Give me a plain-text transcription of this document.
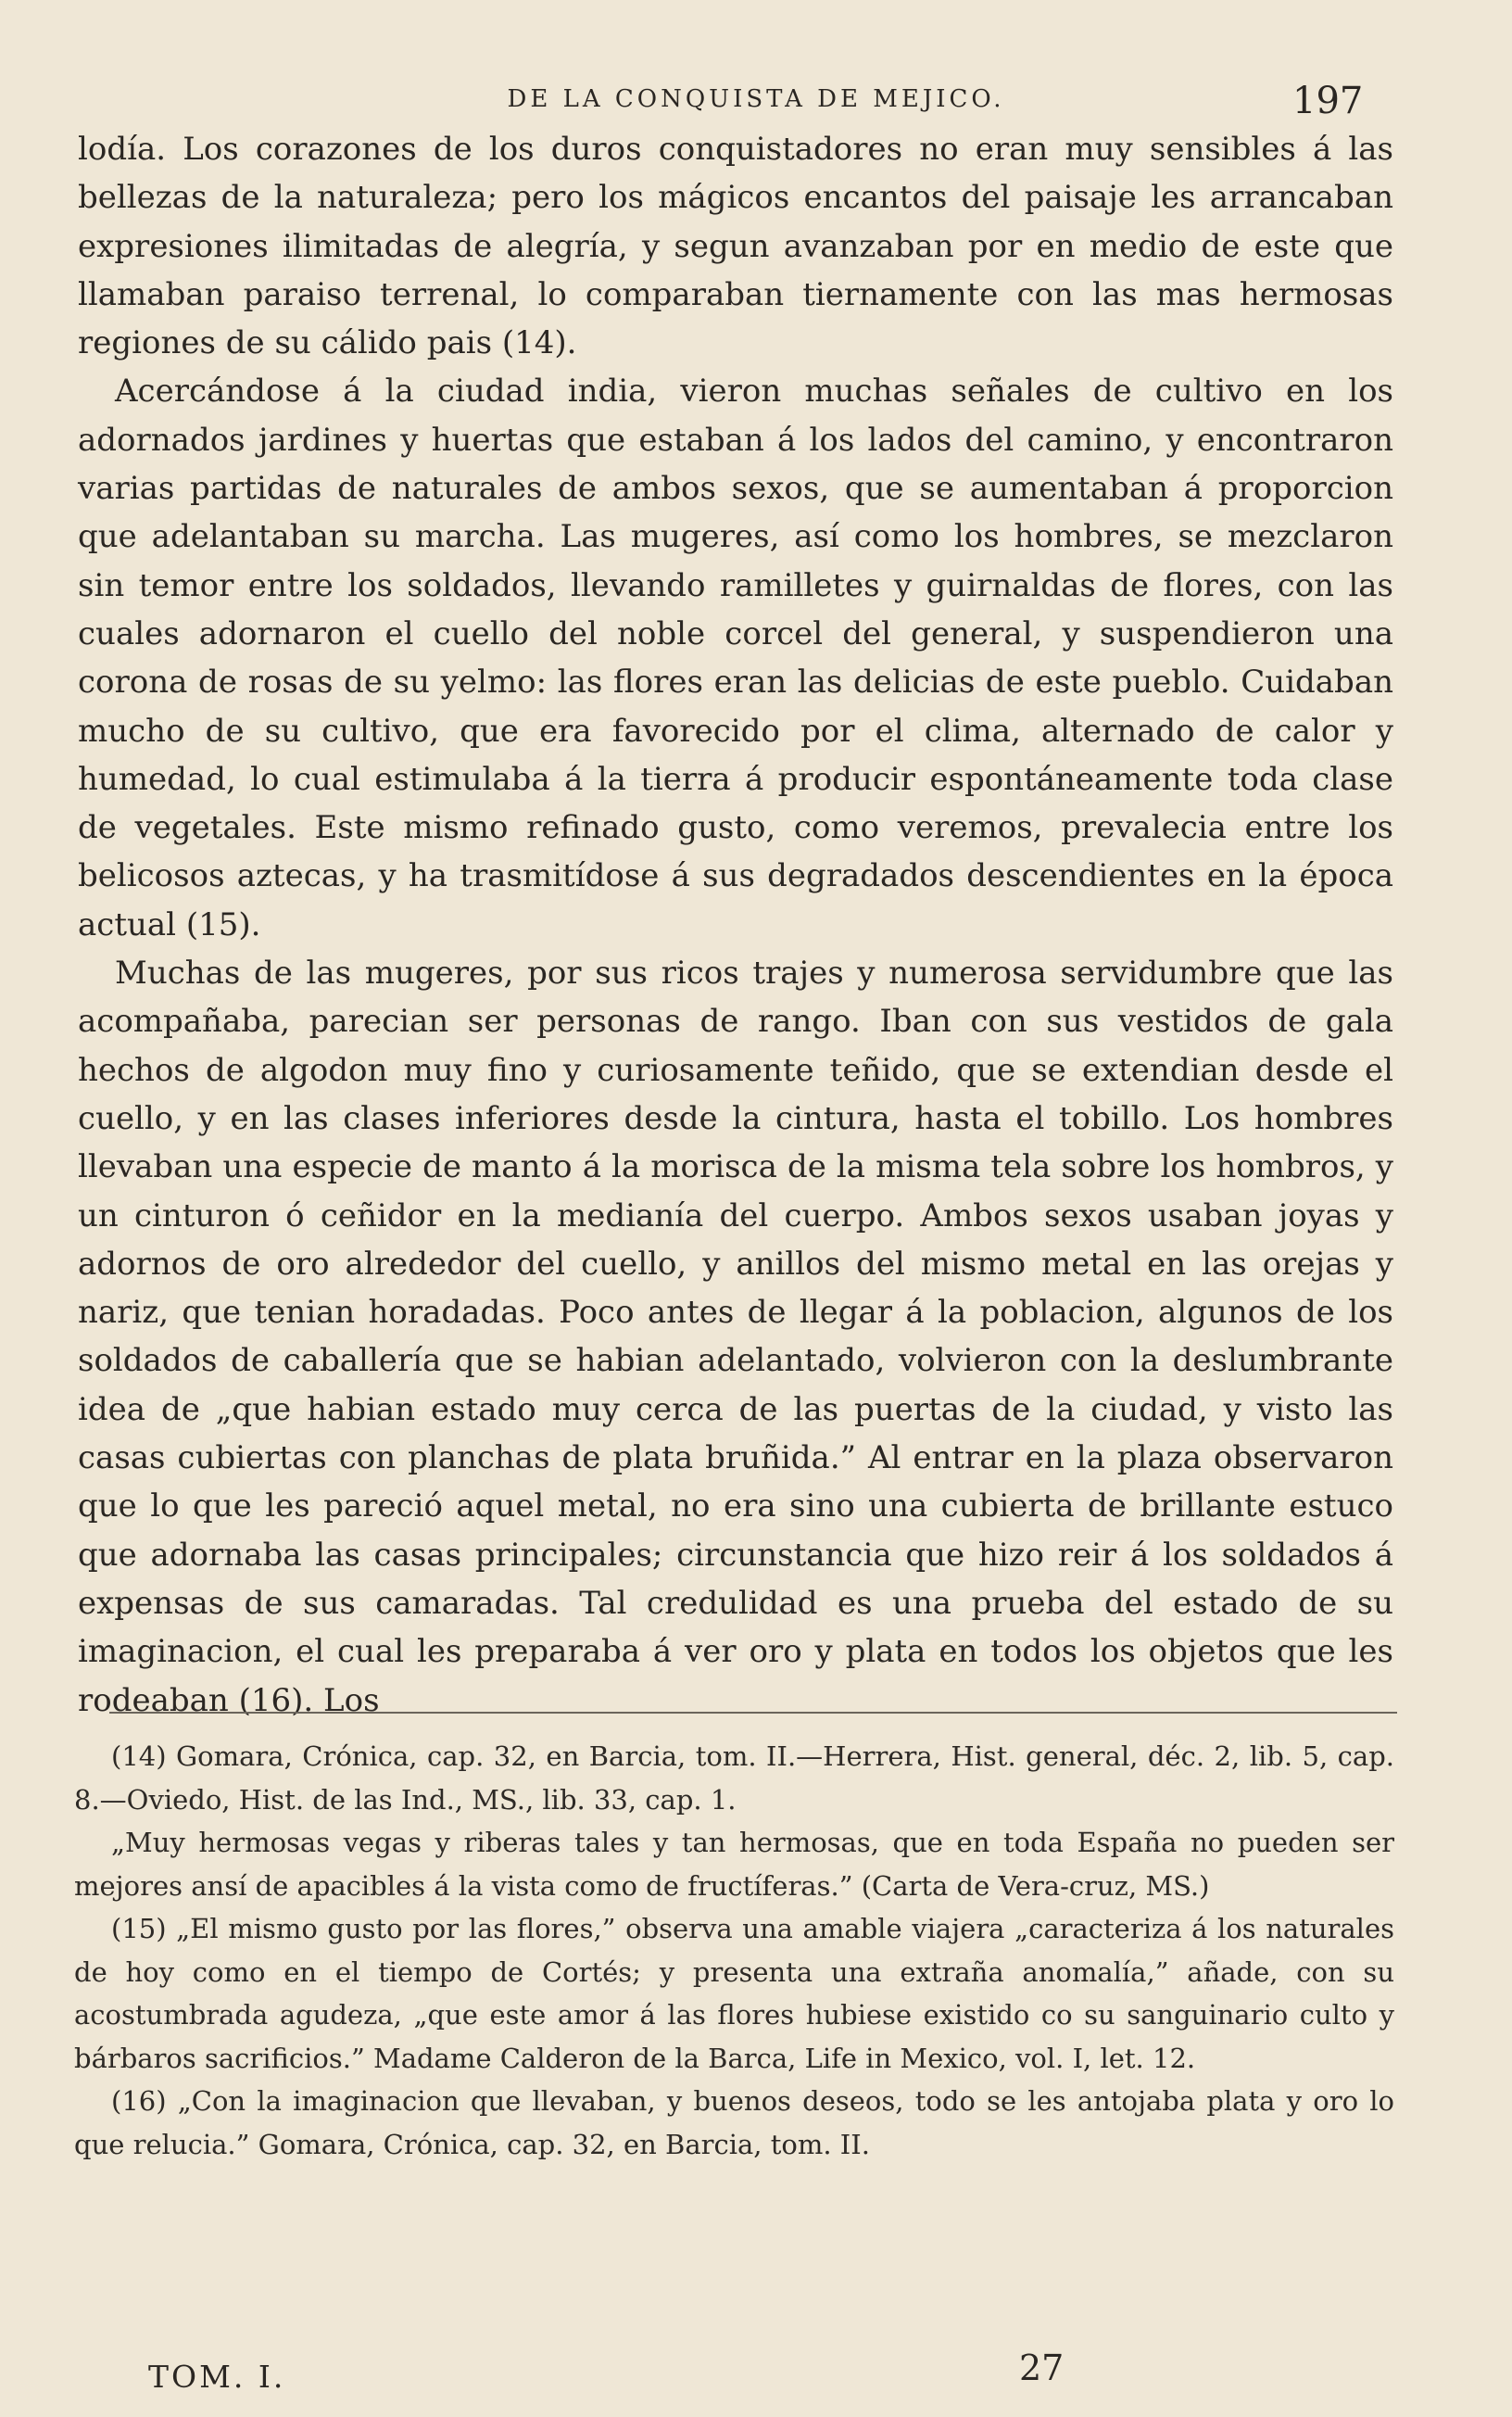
DE LA CONQUISTA DE MEJICO.	197

lodía. Los corazones de los duros conquistadores no eran muy sensibles á las bellezas de la naturaleza; pero los mágicos encantos del paisaje les arrancaban expresiones ilimitadas de alegría, y segun avanzaban por en medio de este que llamaban paraiso terrenal, lo comparaban tiernamente con las mas hermosas regiones de su cálido pais (14).

Acercándose á la ciudad india, vieron muchas señales de cultivo en los adornados jardines y huertas que estaban á los lados del camino, y encontraron varias partidas de naturales de ambos sexos, que se aumentaban á proporcion que adelantaban su marcha. Las mugeres, así como los hombres, se mezclaron sin temor entre los soldados, llevando ramilletes y guirnaldas de flores, con las cuales adornaron el cuello del noble corcel del general, y suspendieron una corona de rosas de su yelmo: las flores eran las delicias de este pueblo. Cuidaban mucho de su cultivo, que era favorecido por el clima, alternado de calor y humedad, lo cual estimulaba á la tierra á producir espontáneamente toda clase de vegetales. Este mismo refinado gusto, como veremos, prevalecia entre los belicosos aztecas, y ha trasmitídose á sus degradados descendientes en la época actual (15).

Muchas de las mugeres, por sus ricos trajes y numerosa servidumbre que las acompañaba, parecian ser personas de rango. Iban con sus vestidos de gala hechos de algodon muy fino y curiosamente teñido, que se extendian desde el cuello, y en las clases inferiores desde la cintura, hasta el tobillo. Los hombres llevaban una especie de manto á la morisca de la misma tela sobre los hombros, y un cinturon ó ceñidor en la medianía del cuerpo. Ambos sexos usaban joyas y adornos de oro alrededor del cuello, y anillos del mismo metal en las orejas y nariz, que tenian horadadas. Poco antes de llegar á la poblacion, algunos de los soldados de caballería que se habian adelantado, volvieron con la deslumbrante idea de „que habian estado muy cerca de las puertas de la ciudad, y visto las casas cubiertas con planchas de plata bruñida.” Al entrar en la plaza observaron que lo que les pareció aquel metal, no era sino una cubierta de brillante estuco que adornaba las casas principales; circunstancia que hizo reir á los soldados á expensas de sus camaradas. Tal credulidad es una prueba del estado de su imaginacion, el cual les preparaba á ver oro y plata en todos los objetos que les rodeaban (16). Los

(14) Gomara, Crónica, cap. 32, en Barcia, tom. II.—Herrera, Hist. general, déc. 2, lib. 5, cap. 8.—Oviedo, Hist. de las Ind., MS., lib. 33, cap. 1.

„Muy hermosas vegas y riberas tales y tan hermosas, que en toda España no pueden ser mejores ansí de apacibles á la vista como de fructíferas.” (Carta de Vera-cruz, MS.)

(15) „El mismo gusto por las flores,” observa una amable viajera „caracteriza á los naturales de hoy como en el tiempo de Cortés; y presenta una extraña anomalía,” añade, con su acostumbrada agudeza, „que este amor á las flores hubiese existido co su sanguinario culto y bárbaros sacrificios.” Madame Calderon de la Barca, Life in Mexico, vol. I, let. 12.

(16) „Con la imaginacion que llevaban, y buenos deseos, todo se les antojaba plata y oro lo que relucia.” Gomara, Crónica, cap. 32, en Barcia, tom. II.

TOM. I.	27
